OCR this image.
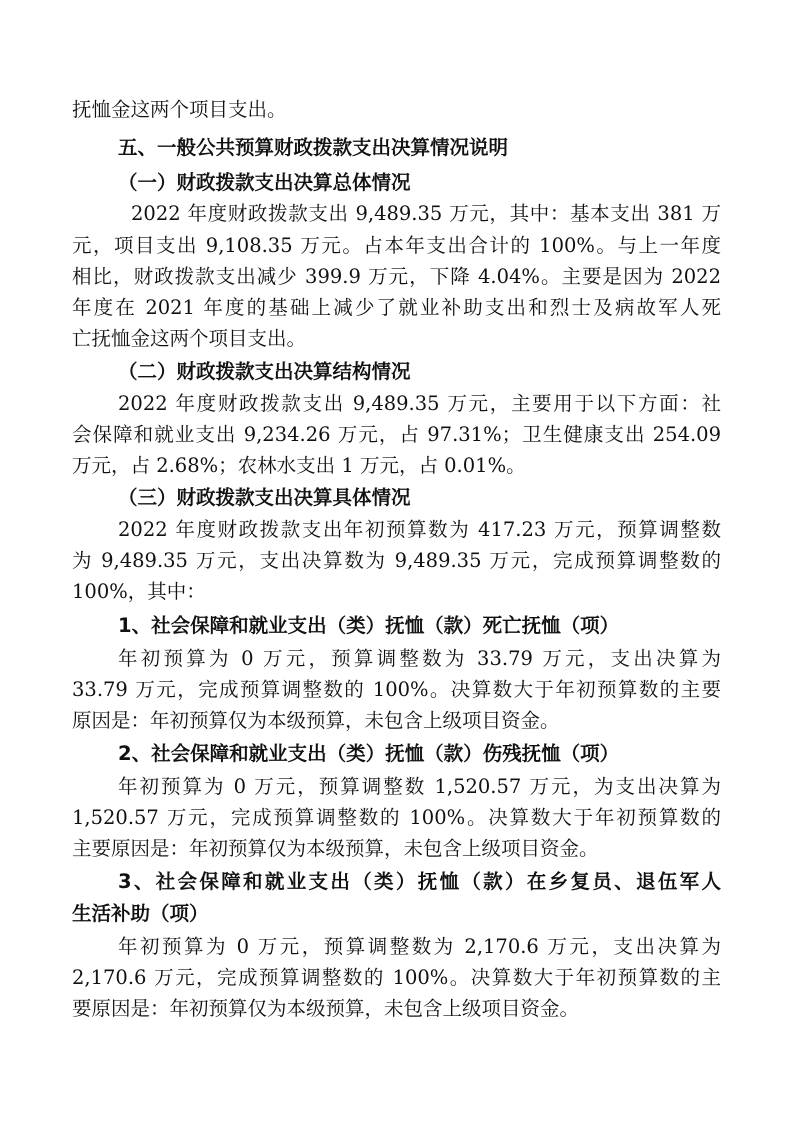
抚恤金这两个项目支出。
五、一般公共预算财政拨款支出决算情况说明
（一）财政拨款支出决算总体情况
2022 年度财政拨款支出 9,489.35 万元，其中：基本支出 381 万
元，项目支出 9,108.35 万元。占本年支出合计的 100%。与上一年度
相比，财政拨款支出减少 399.9 万元，下降 4.04%。主要是因为 2022
年度在 2021 年度的基础上减少了就业补助支出和烈士及病故军人死
亡抚恤金这两个项目支出。
（二）财政拨款支出决算结构情况
2022 年度财政拨款支出 9,489.35 万元，主要用于以下方面：社
会保障和就业支出 9,234.26 万元，占 97.31%；卫生健康支出 254.09
万元，占 2.68%；农林水支出 1 万元，占 0.01%。
（三）财政拨款支出决算具体情况
2022 年度财政拨款支出年初预算数为 417.23 万元，预算调整数
为 9,489.35 万元，支出决算数为 9,489.35 万元，完成预算调整数的
100%，其中：
1、社会保障和就业支出（类）抚恤（款）死亡抚恤（项）
年初预算为 0 万元，预算调整数为 33.79 万元，支出决算为
33.79 万元，完成预算调整数的 100%。决算数大于年初预算数的主要
原因是：年初预算仅为本级预算，未包含上级项目资金。
2、社会保障和就业支出（类）抚恤（款）伤残抚恤（项）
年初预算为 0 万元，预算调整数 1,520.57 万元，为支出决算为
1,520.57 万元，完成预算调整数的 100%。决算数大于年初预算数的
主要原因是：年初预算仅为本级预算，未包含上级项目资金。
3、社会保障和就业支出（类）抚恤（款）在乡复员、退伍军人
生活补助（项）
年初预算为 0 万元，预算调整数为 2,170.6 万元，支出决算为
2,170.6 万元，完成预算调整数的 100%。决算数大于年初预算数的主
要原因是：年初预算仅为本级预算，未包含上级项目资金。
